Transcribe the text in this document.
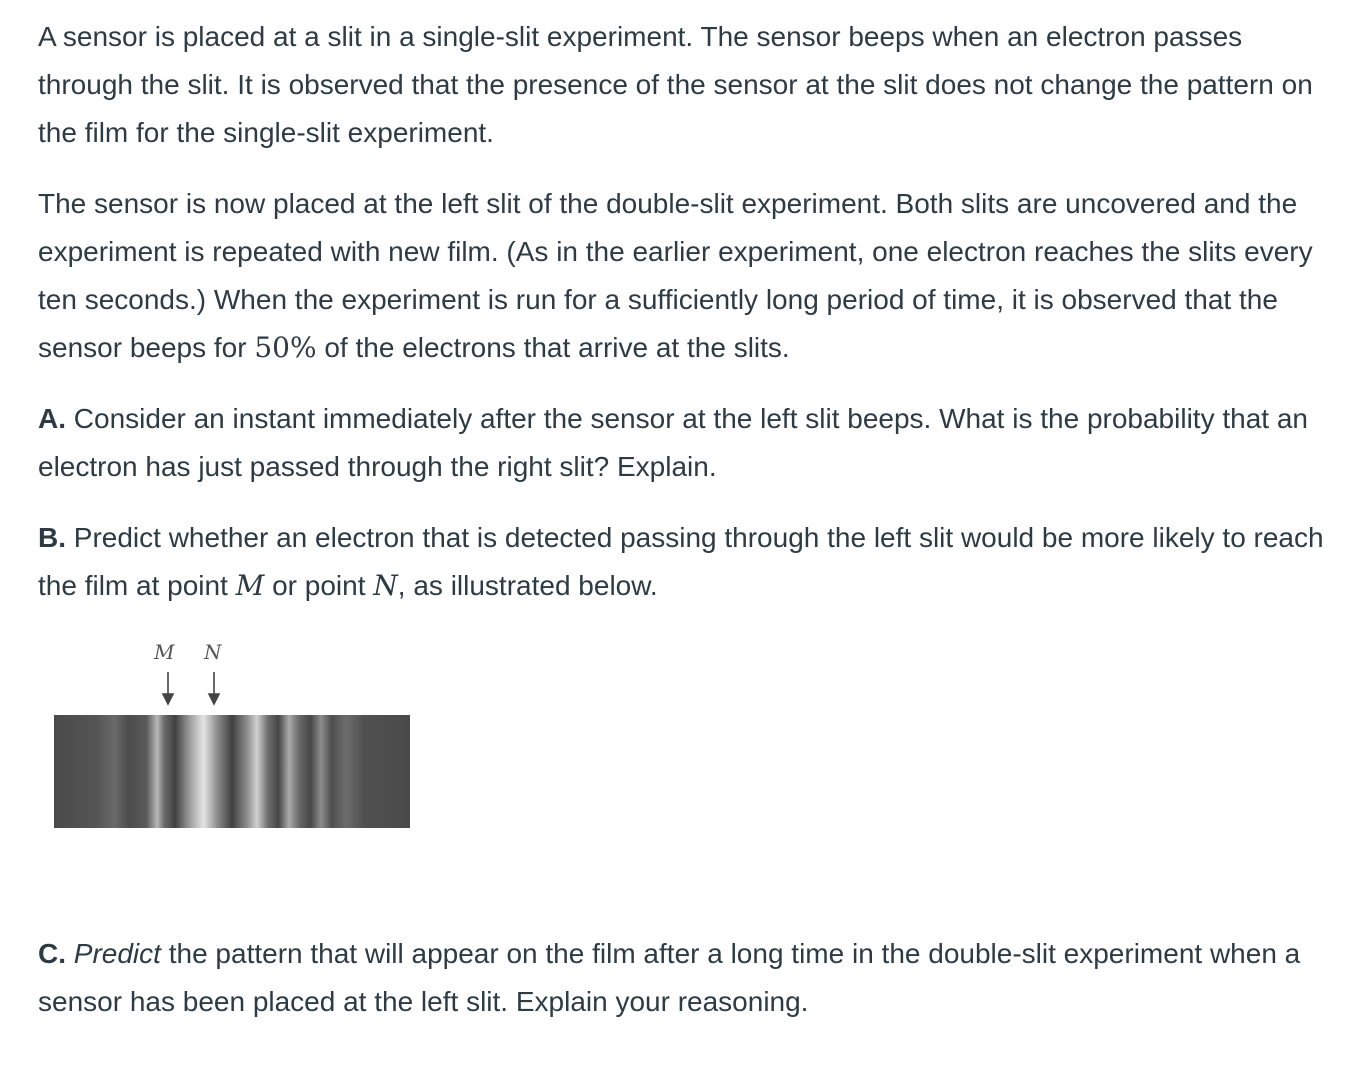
A sensor is placed at a slit in a single-slit experiment. The sensor beeps when an electron passes through the slit. It is observed that the presence of the sensor at the slit does not change the pattern on the film for the single-slit experiment.

The sensor is now placed at the left slit of the double-slit experiment. Both slits are uncovered and the experiment is repeated with new film. (As in the earlier experiment, one electron reaches the slits every ten seconds.) When the experiment is run for a sufficiently long period of time, it is observed that the sensor beeps for 50% of the electrons that arrive at the slits.

A. Consider an instant immediately after the sensor at the left slit beeps. What is the probability that an electron has just passed through the right slit? Explain.

B. Predict whether an electron that is detected passing through the left slit would be more likely to reach the film at point M or point N, as illustrated below.

M N

C. Predict the pattern that will appear on the film after a long time in the double-slit experiment when a sensor has been placed at the left slit. Explain your reasoning.
